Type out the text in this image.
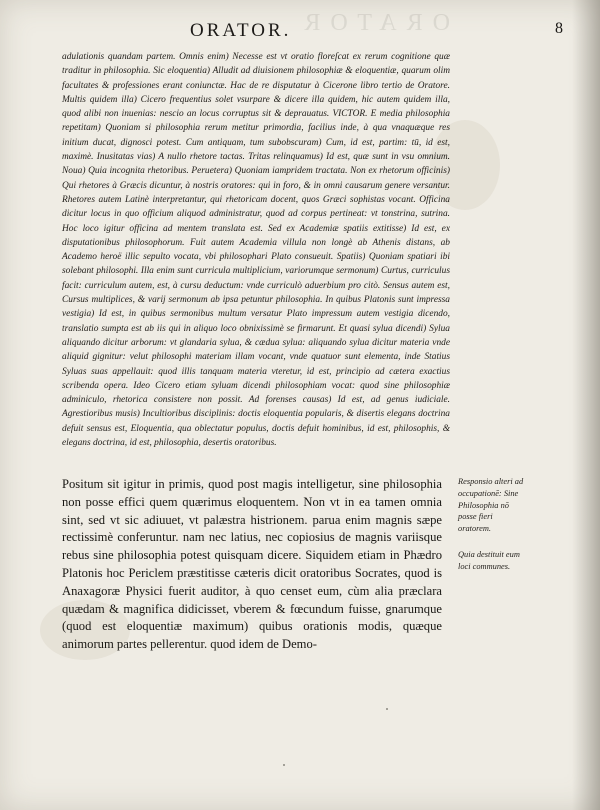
ORATOR
ORATOR.	8

adulationis quandam partem. Omnis enim) Necesse est vt oratio floreſcat ex rerum cognitione quæ traditur in philosophia. Sic eloquentia) Alludit ad diuisionem philosophiæ & eloquentiæ, quarum olim facultates & professiones erant coniunctæ. Hac de re disputatur à Cicerone libro tertio de Oratore. Multis quidem illa) Cicero frequentius solet vsurpare & dicere illa quidem, hic autem quidem illa, quod alibi non inuenias: nescio an locus corruptus sit & deprauatus. VICTOR. E media philosophia repetitam) Quoniam si philosophia rerum metitur primordia, facilius inde, à qua vnaquæque res initium ducat, dignosci potest. Cum antiquam, tum subobscuram) Cum, id est, partim: tū, id est, maximè. Inusitatas vias) A nullo rhetore tactas. Tritas relinquamus) Id est, quæ sunt in vsu omnium. Noua) Quia incognita rhetoribus. Peruetera) Quoniam iampridem tractata. Non ex rhetorum officinis) Qui rhetores à Græcis dicuntur, à nostris oratores: qui in foro, & in omni causarum genere versantur. Rhetores autem Latinè interpretantur, qui rhetoricam docent, quos Græci sophistas vocant. Officina dicitur locus in quo officium aliquod administratur, quod ad corpus pertineat: vt tonstrina, sutrina. Hoc loco igitur officina ad mentem translata est. Sed ex Academiæ spatiis extitisse) Id est, ex disputationibus philosophorum. Fuit autem Academia villula non longè ab Athenis distans, ab Academo heroë illic sepulto vocata, vbi philosophari Plato consueuit. Spatiis) Quoniam spatiari ibi solebant philosophi. Illa enim sunt curricula multiplicium, variorumque sermonum) Curtus, curriculus facit: curriculum autem, est, à cursu deductum: vnde curriculò aduerbium pro citò. Sensus autem est, Cursus multiplices, & varij sermonum ab ipsa petuntur philosophia. In quibus Platonis sunt impressa vestigia) Id est, in quibus sermonibus multum versatur Plato impressum autem vestigia dicendo, translatio sumpta est ab iis qui in aliquo loco obnixissimè se firmarunt. Et quasi sylua dicendi) Sylua aliquando dicitur arborum: vt glandaria sylua, & cædua sylua: aliquando sylua dicitur materia vnde aliquid gignitur: velut philosophi materiam illam vocant, vnde quatuor sunt elementa, inde Statius Syluas suas appellauit: quod illis tanquam materia vteretur, id est, principio ad cætera exactius scribenda opera. Ideo Cicero etiam syluam dicendi philosophiam vocat: quod sine philosophiæ adminiculo, rhetorica consistere non possit. Ad forenses causas) Id est, ad genus iudiciale. Agrestioribus musis) Incultioribus disciplinis: doctis eloquentia popularis, & disertis elegans doctrina defuit sensus est, Eloquentia, qua oblectatur populus, doctis defuit hominibus, id est, philosophis, & elegans doctrina, id est, philosophia, desertis oratoribus.

Positum sit igitur in primis, quod post magis intelligetur, sine philosophia non posse effici quem quærimus eloquentem. Non vt in ea tamen omnia sint, sed vt sic adiuuet, vt palæstra histrionem. parua enim magnis sæpe rectissimè conferuntur. nam nec latius, nec copiosius de magnis variisque rebus sine philosophia potest quisquam dicere. Siquidem etiam in Phædro Platonis hoc Periclem præstitisse cæteris dicit oratoribus Socrates, quod is Anaxagoræ Physici fuerit auditor, à quo censet eum, cùm alia præclara quædam & magnifica didicisset, vberem & fœcundum fuisse, gnarumque (quod est eloquentiæ maximum) quibus orationis modis, quæque animorum partes pellerentur. quod idem de Demo-

Responsio alteri ad occupationē: Sine Philosophia nō posse fieri oratorem.

Quia destituit eum loci communes.
